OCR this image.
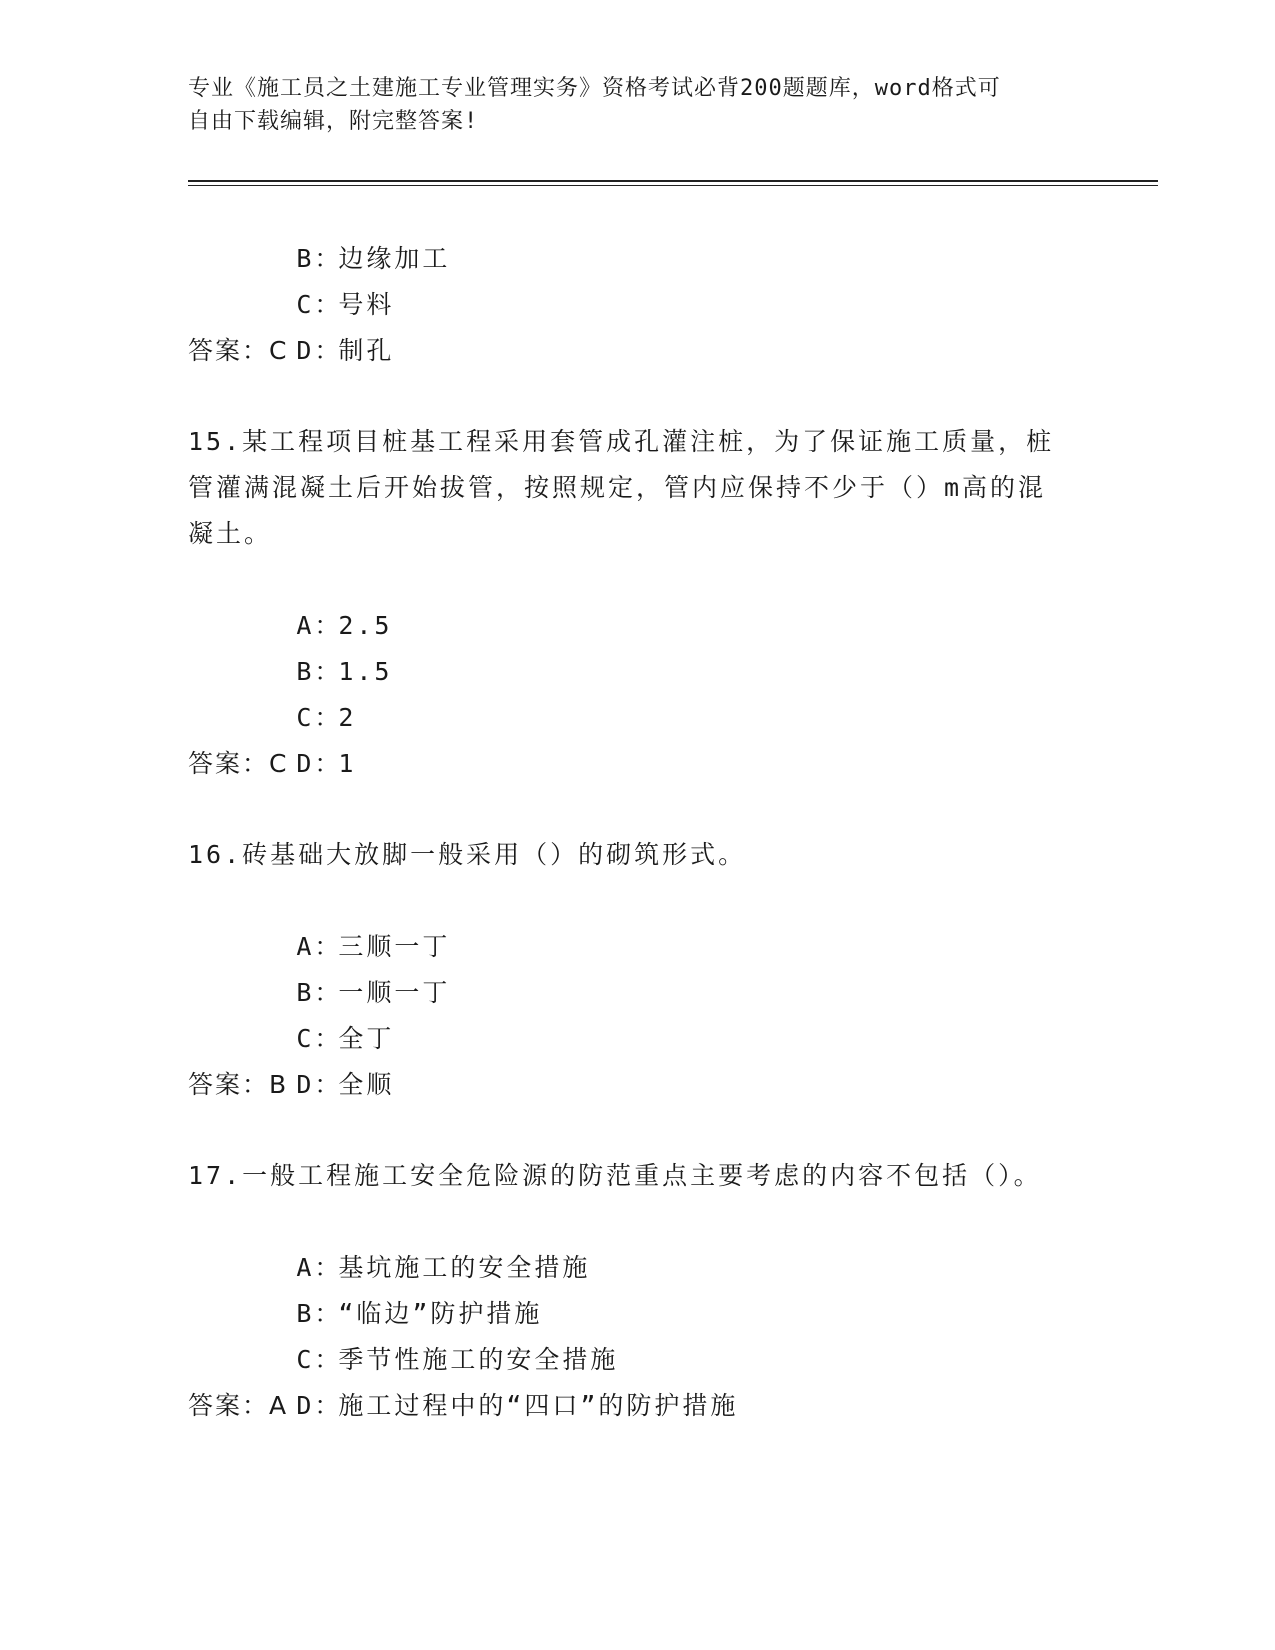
专业《施工员之土建施工专业管理实务》资格考试必背200题题库，word格式可
自由下载编辑，附完整答案!

B：边缘加工

C：号料

D：制孔

答案：C
15.某工程项目桩基工程采用套管成孔灌注桩，为了保证施工质量，桩
管灌满混凝土后开始拔管，按照规定，管内应保持不少于（）m高的混
凝土。

A：2.5

B：1.5

C：2

D：1

答案：C
16.砖基础大放脚一般采用（）的砌筑形式。

A：三顺一丁

B：一顺一丁

C：全丁

D：全顺

答案：B
17.一般工程施工安全危险源的防范重点主要考虑的内容不包括（）。

A：基坑施工的安全措施

B：“临边”防护措施

C：季节性施工的安全措施

D：施工过程中的“四口”的防护措施

答案：A
